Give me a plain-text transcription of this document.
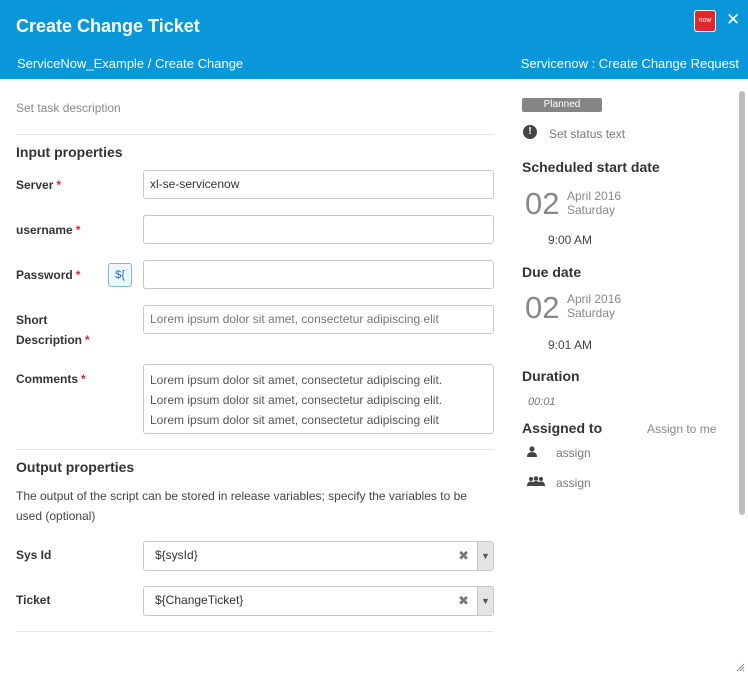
Create Change Ticket
ServiceNow_Example / Create Change	Servicenow : Create Change Request
now ✕
Set task description
Input properties
Server *	xl-se-servicenow
username *
Password *	${
Short
Description *
Lorem ipsum dolor sit amet, consectetur adipiscing elit
Comments *	Lorem ipsum dolor sit amet, consectetur adipiscing elit.
Lorem ipsum dolor sit amet, consectetur adipiscing elit.
Lorem ipsum dolor sit amet, consectetur adipiscing elit
Output properties
The output of the script can be stored in release variables; specify the variables to be used (optional)
Sys Id	${sysId}	✖	▼
Ticket	${ChangeTicket}	✖	▼
Planned
!	Set status text
Scheduled start date
02 April 2016
Saturday
9:00 AM
Due date
02 April 2016
Saturday
9:01 AM
Duration
00:01
Assigned to	Assign to me
assign
assign
